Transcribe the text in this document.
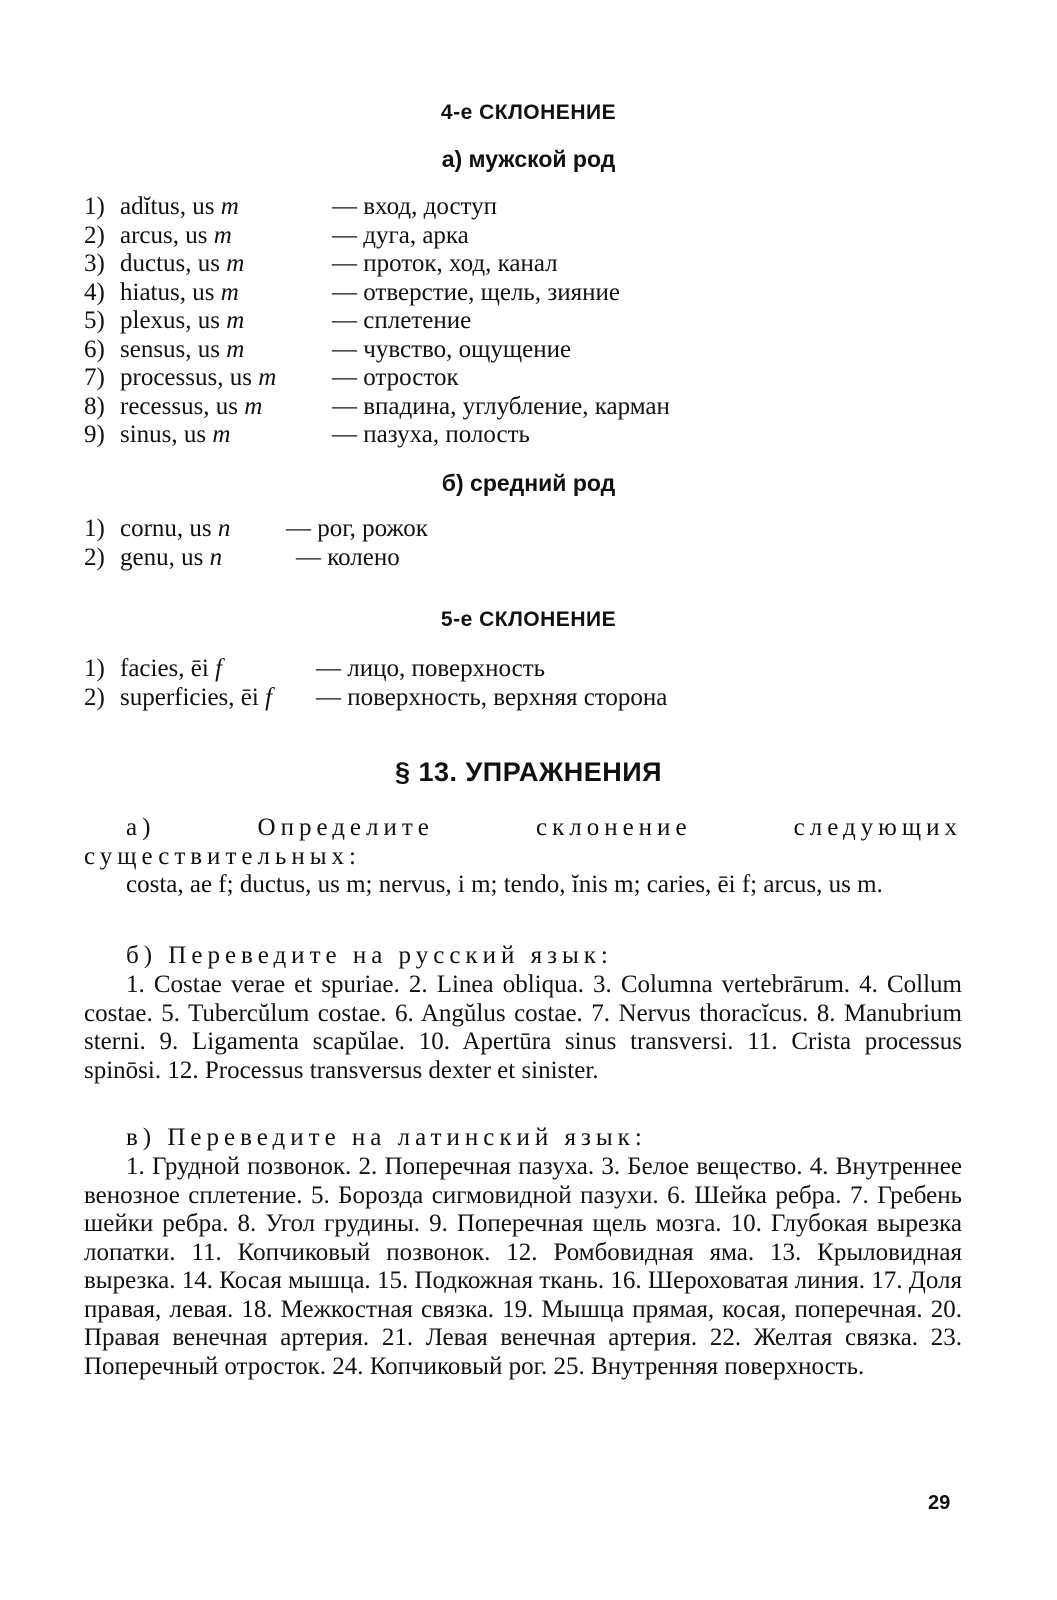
4-е СКЛОНЕНИЕ
а) мужской род
1) adĭtus, us m	— вход, доступ
2) arcus, us m	— дуга, арка
3) ductus, us m	— проток, ход, канал
4) hiatus, us m	— отверстие, щель, зияние
5) plexus, us m	— сплетение
6) sensus, us m	— чувство, ощущение
7) processus, us m — отросток
8) recessus, us m	— впадина, углубление, карман
9) sinus, us m	— пазуха, полость
б) средний род
1) cornu, us n — рог, рожок
2) genu, us n	— колено
5-е СКЛОНЕНИЕ
1) facies, ēi f	— лицо, поверхность
2) superficies, ēi f — поверхность, верхняя сторона
§ 13. УПРАЖНЕНИЯ

а) Определите склонение следующих существительных:

costa, ae f; ductus, us m; nervus, i m; tendo, ĭnis m; caries, ēi f; arcus, us m.

б) Переведите на русский язык:

1. Costae verae et spuriae. 2. Linea obliqua. 3. Columna vertebrārum. 4. Collum costae. 5. Tubercŭlum costae. 6. Angŭlus costae. 7. Nervus thoracĭcus. 8. Manubrium sterni. 9. Ligamenta scapŭlae. 10. Apertūra sinus transversi. 11. Crista processus spinōsi. 12. Processus transversus dexter et sinister.

в) Переведите на латинский язык:

1. Грудной позвонок. 2. Поперечная пазуха. 3. Белое вещество. 4. Внутреннее венозное сплетение. 5. Борозда сигмовидной пазухи. 6. Шейка ребра. 7. Гребень шейки ребра. 8. Угол грудины. 9. Поперечная щель мозга. 10. Глубокая вырезка лопатки. 11. Копчиковый позвонок. 12. Ромбовидная яма. 13. Крыловидная вырезка. 14. Косая мышца. 15. Подкожная ткань. 16. Шероховатая линия. 17. Доля правая, левая. 18. Межкостная связка. 19. Мышца прямая, косая, поперечная. 20. Правая венечная артерия. 21. Левая венечная артерия. 22. Желтая связка. 23. Поперечный отросток. 24. Копчиковый рог. 25. Внутренняя поверхность.

29
